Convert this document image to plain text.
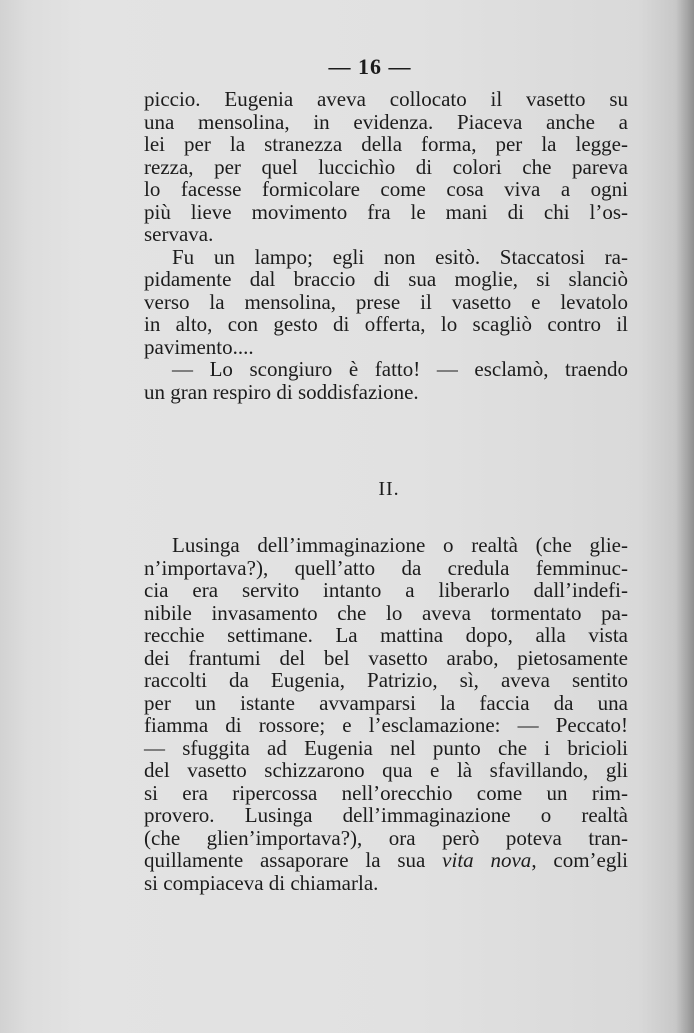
— 16 —
piccio. Eugenia aveva collocato il vasetto su
una mensolina, in evidenza. Piaceva anche a
lei per la stranezza della forma, per la legge-
rezza, per quel luccichìo di colori che pareva
lo facesse formicolare come cosa viva a ogni
più lieve movimento fra le mani di chi l’os-
servava.
Fu un lampo; egli non esitò. Staccatosi ra-
pidamente dal braccio di sua moglie, si slanciò
verso la mensolina, prese il vasetto e levatolo
in alto, con gesto di offerta, lo scagliò contro il
pavimento....
— Lo scongiuro è fatto! — esclamò, traendo
un gran respiro di soddisfazione.
II.
Lusinga dell’immaginazione o realtà (che glie-
n’importava?), quell’atto da credula femminuc-
cia era servito intanto a liberarlo dall’indefi-
nibile invasamento che lo aveva tormentato pa-
recchie settimane. La mattina dopo, alla vista
dei frantumi del bel vasetto arabo, pietosamente
raccolti da Eugenia, Patrizio, sì, aveva sentito
per un istante avvamparsi la faccia da una
fiamma di rossore; e l’esclamazione: — Peccato!
— sfuggita ad Eugenia nel punto che i bricioli
del vasetto schizzarono qua e là sfavillando, gli
si era ripercossa nell’orecchio come un rim-
provero. Lusinga dell’immaginazione o realtà
(che glien’importava?), ora però poteva tran-
quillamente assaporare la sua vita nova, com’egli
si compiaceva di chiamarla.
